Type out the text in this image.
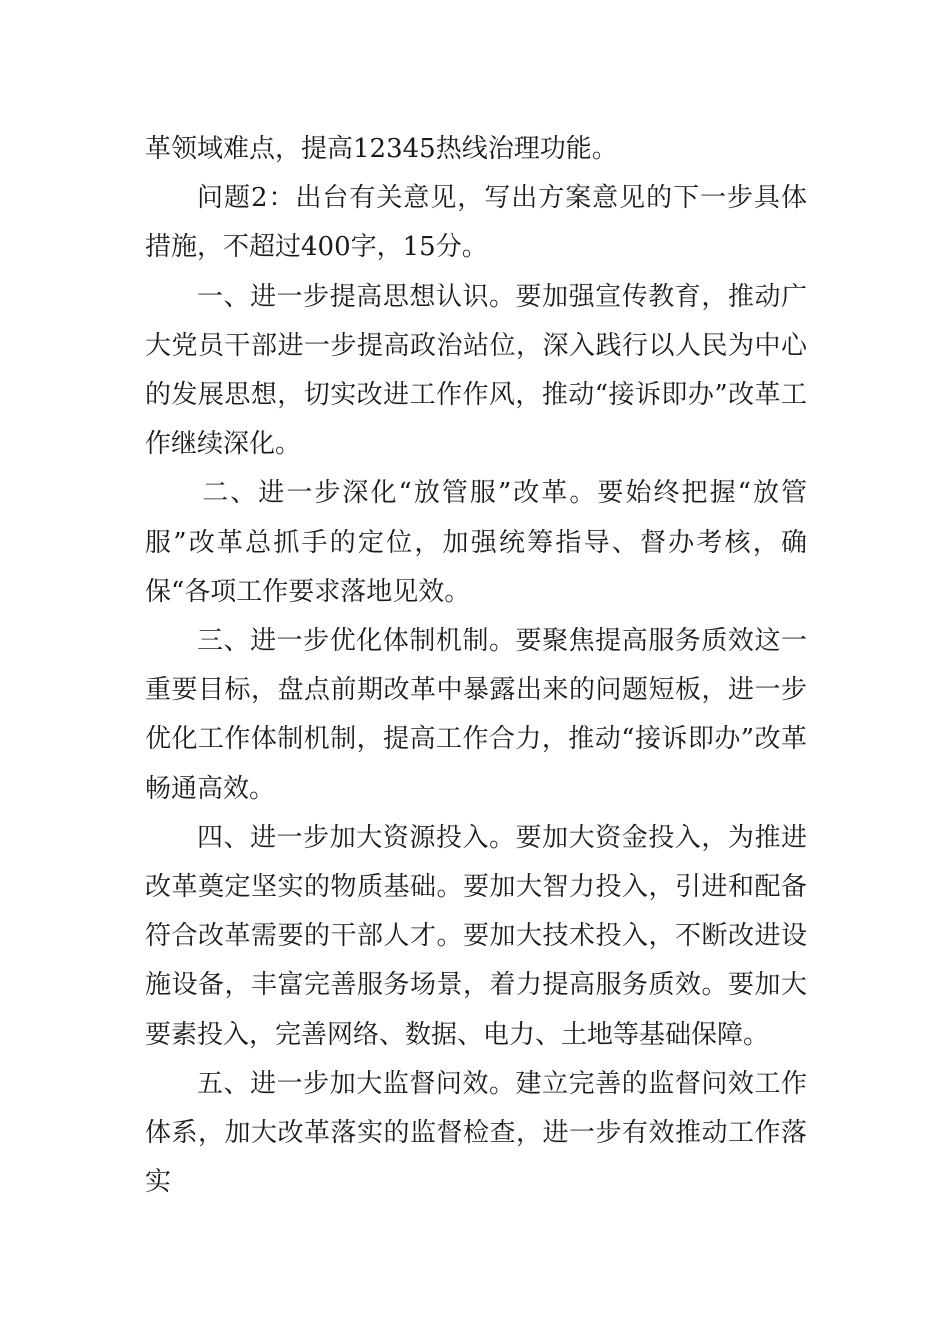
革领域难点，提高12345热线治理功能。

问题2：出台有关意见，写出方案意见的下一步具体措施，不超过400字，15分。

一、进一步提高思想认识。要加强宣传教育，推动广大党员干部进一步提高政治站位，深入践行以人民为中心的发展思想，切实改进工作作风，推动“接诉即办”改革工作继续深化。

二、进一步深化“放管服”改革。要始终把握“放管服”改革总抓手的定位，加强统筹指导、督办考核，确保“各项工作要求落地见效。

三、进一步优化体制机制。要聚焦提高服务质效这一重要目标，盘点前期改革中暴露出来的问题短板，进一步优化工作体制机制，提高工作合力，推动“接诉即办”改革畅通高效。

四、进一步加大资源投入。要加大资金投入，为推进改革奠定坚实的物质基础。要加大智力投入，引进和配备符合改革需要的干部人才。要加大技术投入，不断改进设施设备，丰富完善服务场景，着力提高服务质效。要加大要素投入，完善网络、数据、电力、土地等基础保障。

五、进一步加大监督问效。建立完善的监督问效工作体系，加大改革落实的监督检查，进一步有效推动工作落实
